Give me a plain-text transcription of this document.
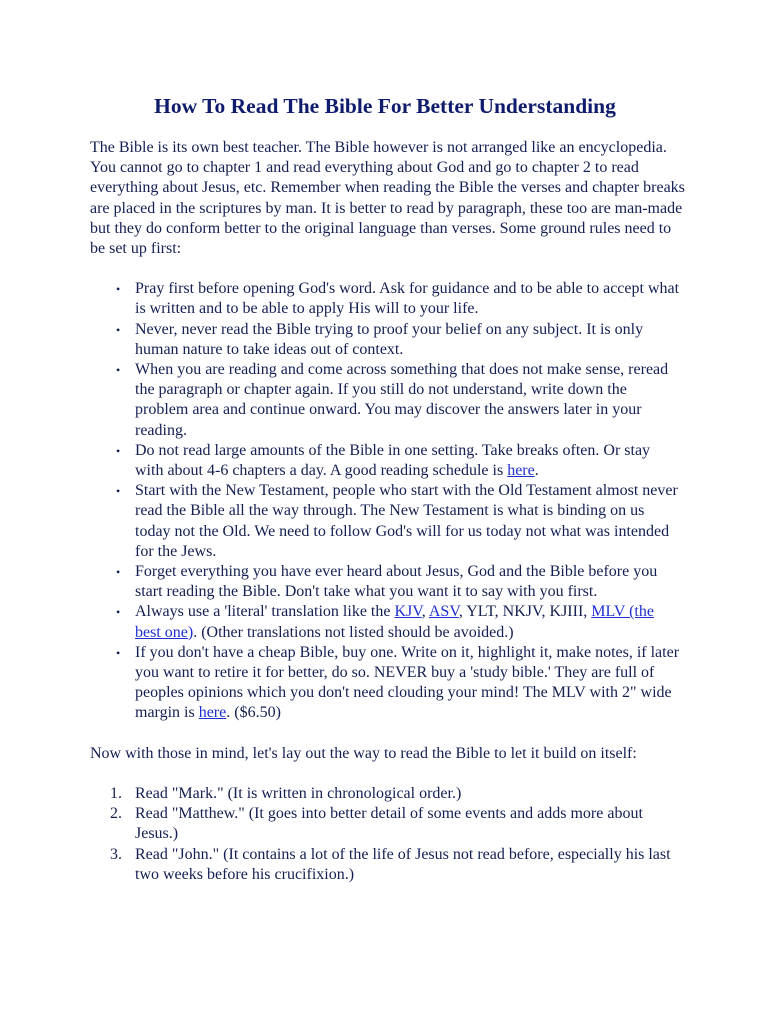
How To Read The Bible For Better Understanding

The Bible is its own best teacher. The Bible however is not arranged like an encyclopedia. You cannot go to chapter 1 and read everything about God and go to chapter 2 to read everything about Jesus, etc. Remember when reading the Bible the verses and chapter breaks are placed in the scriptures by man. It is better to read by paragraph, these too are man-made but they do conform better to the original language than verses. Some ground rules need to be set up first:

• Pray first before opening God's word. Ask for guidance and to be able to accept what is written and to be able to apply His will to your life.
• Never, never read the Bible trying to proof your belief on any subject. It is only human nature to take ideas out of context.
• When you are reading and come across something that does not make sense, reread the paragraph or chapter again. If you still do not understand, write down the problem area and continue onward. You may discover the answers later in your reading.
• Do not read large amounts of the Bible in one setting. Take breaks often. Or stay with about 4-6 chapters a day. A good reading schedule is here.
• Start with the New Testament, people who start with the Old Testament almost never read the Bible all the way through. The New Testament is what is binding on us today not the Old. We need to follow God's will for us today not what was intended for the Jews.
• Forget everything you have ever heard about Jesus, God and the Bible before you start reading the Bible. Don't take what you want it to say with you first.
• Always use a 'literal' translation like the KJV, ASV, YLT, NKJV, KJIII, MLV (the best one). (Other translations not listed should be avoided.)
• If you don't have a cheap Bible, buy one. Write on it, highlight it, make notes, if later you want to retire it for better, do so. NEVER buy a 'study bible.' They are full of peoples opinions which you don't need clouding your mind! The MLV with 2" wide margin is here. ($6.50)

Now with those in mind, let's lay out the way to read the Bible to let it build on itself:

1. Read "Mark." (It is written in chronological order.)
2. Read "Matthew." (It goes into better detail of some events and adds more about Jesus.)
3. Read "John." (It contains a lot of the life of Jesus not read before, especially his last two weeks before his crucifixion.)
